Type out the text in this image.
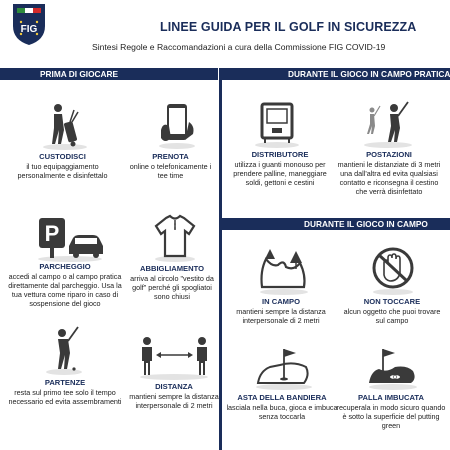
FIG	LINEE GUIDA PER IL GOLF IN SICUREZZA
Sintesi Regole e Raccomandazioni a cura della Commissione FIG COVID-19
PRIMA DI GIOCARE	DURANTE IL GIOCO IN CAMPO PRATICA
DURANTE IL GIOCO IN CAMPO
CUSTODISCI
il tuo equipaggiamento personalmente e disinfettalo
PRENOTA
online o telefonicamente i tee time
DISTRIBUTORE
utilizza i guanti monouso per prendere palline, maneggiare soldi, gettoni e cestini
POSTAZIONI
mantieni le distanziate di 3 metri una dall'altra ed evita qualsiasi contatto e riconsegna il cestino che verrà disinfettato
P
PARCHEGGIO
accedi al campo o al campo pratica direttamente dal parcheggio. Usa la tua vettura come riparo in caso di sospensione del gioco
ABBIGLIAMENTO
arriva al circolo "vestito da golf" perché gli spogliatoi sono chiusi
IN CAMPO
mantieni sempre la distanza interpersonale di 2 metri
NON TOCCARE
alcun oggetto che puoi trovare sul campo
PARTENZE
resta sul primo tee solo il tempo necessario ed evita assembramenti
DISTANZA
mantieni sempre la distanza interpersonale di 2 metri
ASTA DELLA BANDIERA
lasciala nella buca, gioca e imbuca senza toccarla
PALLA IMBUCATA
recuperala in modo sicuro quando è sotto la superficie del putting green
